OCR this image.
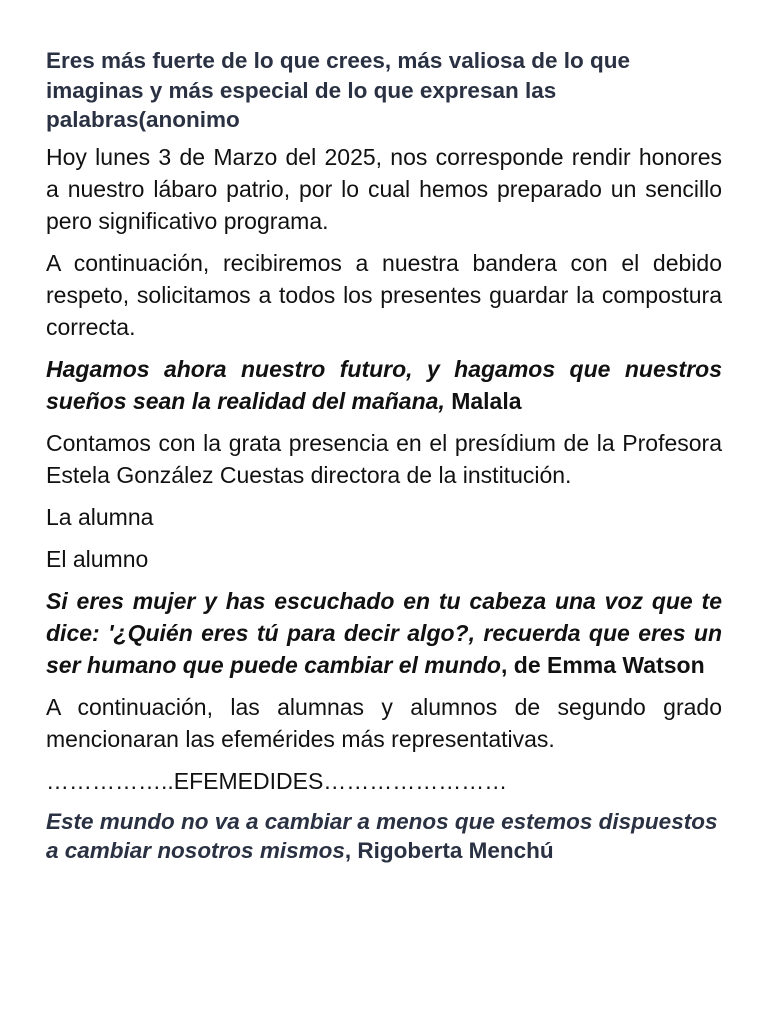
Eres más fuerte de lo que crees, más valiosa de lo que imaginas y más especial de lo que expresan las palabras(anonimo
Hoy lunes 3 de Marzo del 2025, nos corresponde rendir honores a nuestro lábaro patrio, por lo cual hemos preparado un sencillo pero significativo programa.
A continuación, recibiremos a nuestra bandera con el debido respeto, solicitamos a todos los presentes guardar la compostura correcta.
Hagamos ahora nuestro futuro, y hagamos que nuestros sueños sean la realidad del mañana, Malala
Contamos con la grata presencia en el presídium de la Profesora Estela González Cuestas directora de la institución.
La alumna
El alumno
Si eres mujer y has escuchado en tu cabeza una voz que te dice: '¿Quién eres tú para decir algo?, recuerda que eres un ser humano que puede cambiar el mundo, de Emma Watson
A continuación, las alumnas y alumnos de segundo grado mencionaran las efemérides más representativas.
……………..EFEMEDIDES……………………
Este mundo no va a cambiar a menos que estemos dispuestos a cambiar nosotros mismos, Rigoberta Menchú
